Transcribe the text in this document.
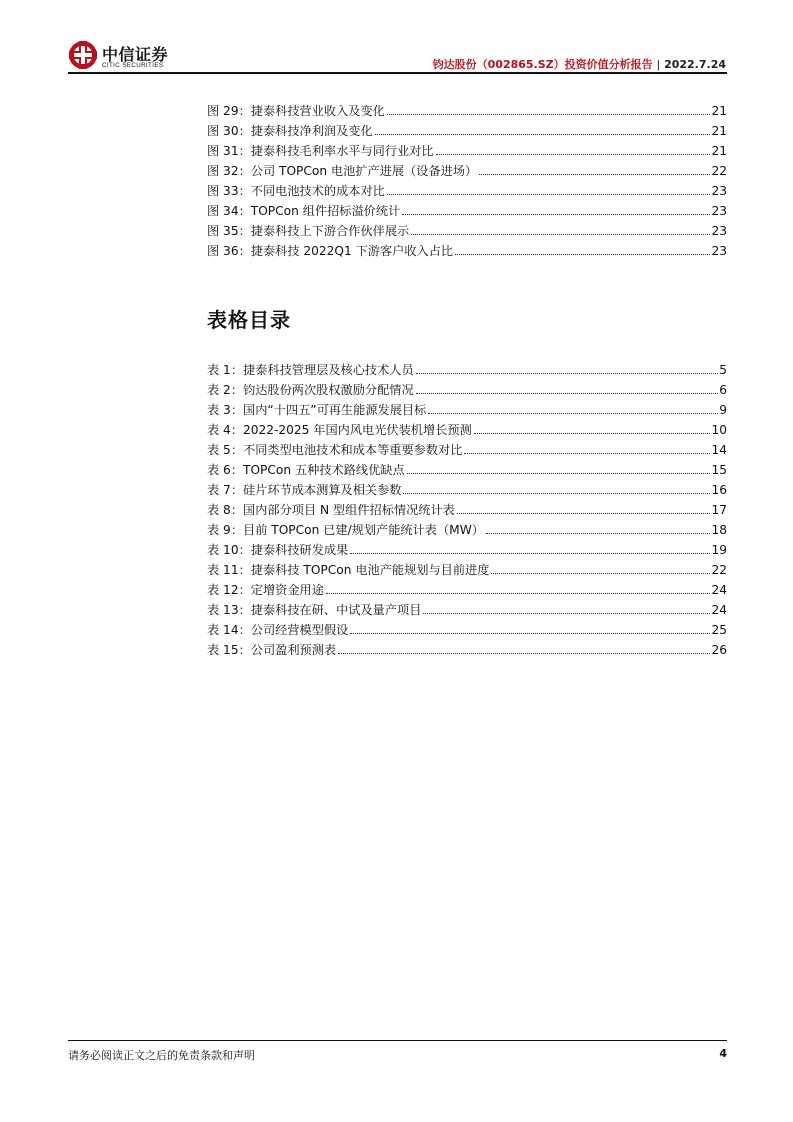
中信证券
CITIC SECURITIES	钧达股份（002865.SZ）投资价值分析报告 | 2022.7.24
图 29：捷泰科技营业收入及变化	21
图 30：捷泰科技净利润及变化	21
图 31：捷泰科技毛利率水平与同行业对比	21
图 32：公司 TOPCon 电池扩产进展（设备进场）	22
图 33：不同电池技术的成本对比	23
图 34：TOPCon 组件招标溢价统计	23
图 35：捷泰科技上下游合作伙伴展示	23
图 36：捷泰科技 2022Q1 下游客户收入占比	23
表格目录
表 1：捷泰科技管理层及核心技术人员	5
表 2：钧达股份两次股权激励分配情况	6
表 3：国内“十四五”可再生能源发展目标	9
表 4：2022-2025 年国内风电光伏装机增长预测	10
表 5：不同类型电池技术和成本等重要参数对比	14
表 6：TOPCon 五种技术路线优缺点	15
表 7：硅片环节成本测算及相关参数	16
表 8：国内部分项目 N 型组件招标情况统计表	17
表 9：目前 TOPCon 已建/规划产能统计表（MW）	18
表 10：捷泰科技研发成果	19
表 11：捷泰科技 TOPCon 电池产能规划与目前进度	22
表 12：定增资金用途	24
表 13：捷泰科技在研、中试及量产项目	24
表 14：公司经营模型假设	25
表 15：公司盈利预测表	26
请务必阅读正文之后的免责条款和声明	4
